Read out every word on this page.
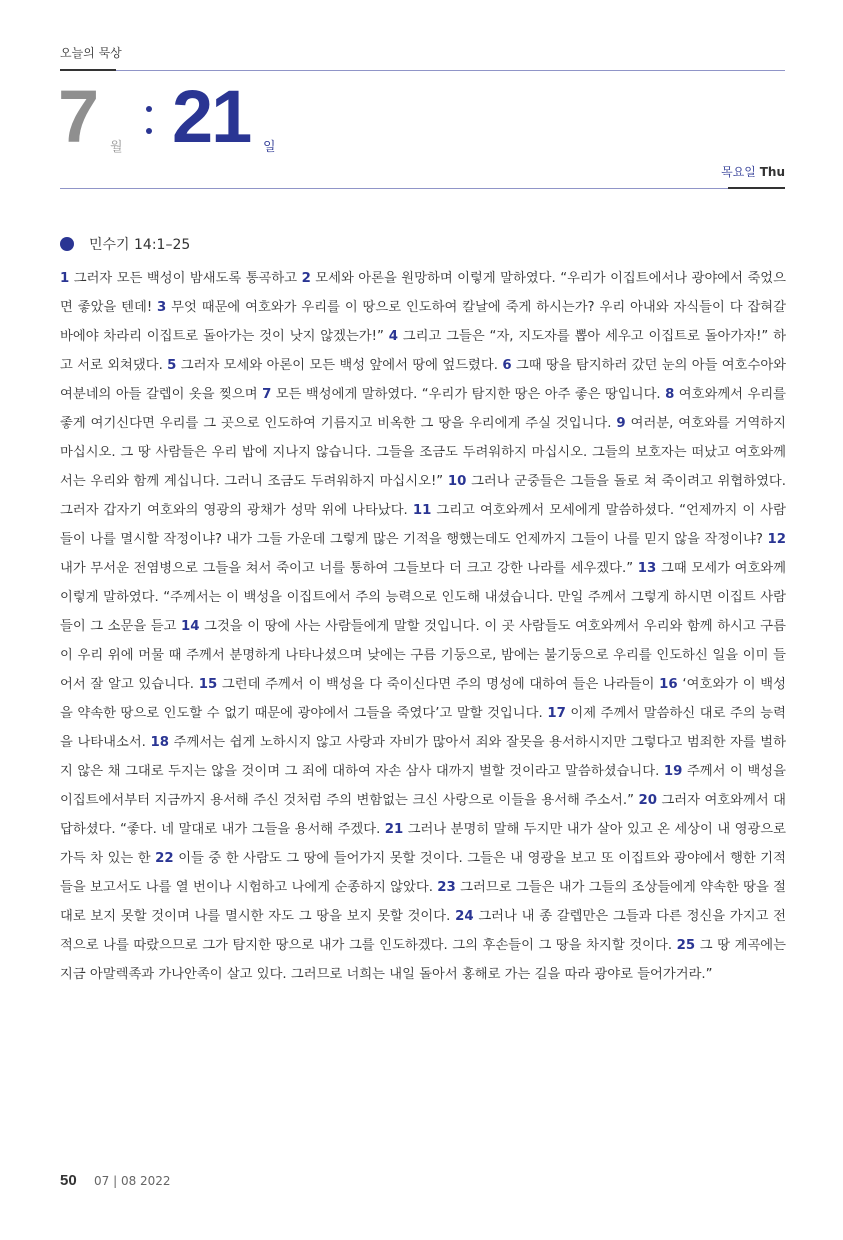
오늘의 묵상
7 월 21 일
목요일 Thu
민수기 14:1–25

1 그러자 모든 백성이 밤새도록 통곡하고 2 모세와 아론을 원망하며 이렇게 말하였다. “우리가 이집트에서나 광야에서 죽었으면 좋았을 텐데! 3 무엇 때문에 여호와가 우리를 이 땅으로 인도하여 칼날에 죽게 하시는가? 우리 아내와 자식들이 다 잡혀갈 바에야 차라리 이집트로 돌아가는 것이 낫지 않겠는가!” 4 그리고 그들은 “자, 지도자를 뽑아 세우고 이집트로 돌아가자!” 하고 서로 외쳐댔다. 5 그러자 모세와 아론이 모든 백성 앞에서 땅에 엎드렸다. 6 그때 땅을 탐지하러 갔던 눈의 아들 여호수아와 여분네의 아들 갈렙이 옷을 찢으며 7 모든 백성에게 말하였다. “우리가 탐지한 땅은 아주 좋은 땅입니다. 8 여호와께서 우리를 좋게 여기신다면 우리를 그 곳으로 인도하여 기름지고 비옥한 그 땅을 우리에게 주실 것입니다. 9 여러분, 여호와를 거역하지 마십시오. 그 땅 사람들은 우리 밥에 지나지 않습니다. 그들을 조금도 두려워하지 마십시오. 그들의 보호자는 떠났고 여호와께서는 우리와 함께 계십니다. 그러니 조금도 두려워하지 마십시오!” 10 그러나 군중들은 그들을 돌로 쳐 죽이려고 위협하였다. 그러자 갑자기 여호와의 영광의 광채가 성막 위에 나타났다. 11 그리고 여호와께서 모세에게 말씀하셨다. “언제까지 이 사람들이 나를 멸시할 작정이냐? 내가 그들 가운데 그렇게 많은 기적을 행했는데도 언제까지 그들이 나를 믿지 않을 작정이냐? 12 내가 무서운 전염병으로 그들을 쳐서 죽이고 너를 통하여 그들보다 더 크고 강한 나라를 세우겠다.” 13 그때 모세가 여호와께 이렇게 말하였다. “주께서는 이 백성을 이집트에서 주의 능력으로 인도해 내셨습니다. 만일 주께서 그렇게 하시면 이집트 사람들이 그 소문을 듣고 14 그것을 이 땅에 사는 사람들에게 말할 것입니다. 이 곳 사람들도 여호와께서 우리와 함께 하시고 구름이 우리 위에 머물 때 주께서 분명하게 나타나셨으며 낮에는 구름 기둥으로, 밤에는 불기둥으로 우리를 인도하신 일을 이미 들어서 잘 알고 있습니다. 15 그런데 주께서 이 백성을 다 죽이신다면 주의 명성에 대하여 들은 나라들이 16 ‘여호와가 이 백성을 약속한 땅으로 인도할 수 없기 때문에 광야에서 그들을 죽였다’고 말할 것입니다. 17 이제 주께서 말씀하신 대로 주의 능력을 나타내소서. 18 주께서는 쉽게 노하시지 않고 사랑과 자비가 많아서 죄와 잘못을 용서하시지만 그렇다고 범죄한 자를 벌하지 않은 채 그대로 두지는 않을 것이며 그 죄에 대하여 자손 삼사 대까지 벌할 것이라고 말씀하셨습니다. 19 주께서 이 백성을 이집트에서부터 지금까지 용서해 주신 것처럼 주의 변함없는 크신 사랑으로 이들을 용서해 주소서.” 20 그러자 여호와께서 대답하셨다. “좋다. 네 말대로 내가 그들을 용서해 주겠다. 21 그러나 분명히 말해 두지만 내가 살아 있고 온 세상이 내 영광으로 가득 차 있는 한 22 이들 중 한 사람도 그 땅에 들어가지 못할 것이다. 그들은 내 영광을 보고 또 이집트와 광야에서 행한 기적들을 보고서도 나를 열 번이나 시험하고 나에게 순종하지 않았다. 23 그러므로 그들은 내가 그들의 조상들에게 약속한 땅을 절대로 보지 못할 것이며 나를 멸시한 자도 그 땅을 보지 못할 것이다. 24 그러나 내 종 갈렙만은 그들과 다른 정신을 가지고 전적으로 나를 따랐으므로 그가 탐지한 땅으로 내가 그를 인도하겠다. 그의 후손들이 그 땅을 차지할 것이다. 25 그 땅 계곡에는 지금 아말렉족과 가나안족이 살고 있다. 그러므로 너희는 내일 돌아서 홍해로 가는 길을 따라 광야로 들어가거라.”

50 07 | 08 2022
